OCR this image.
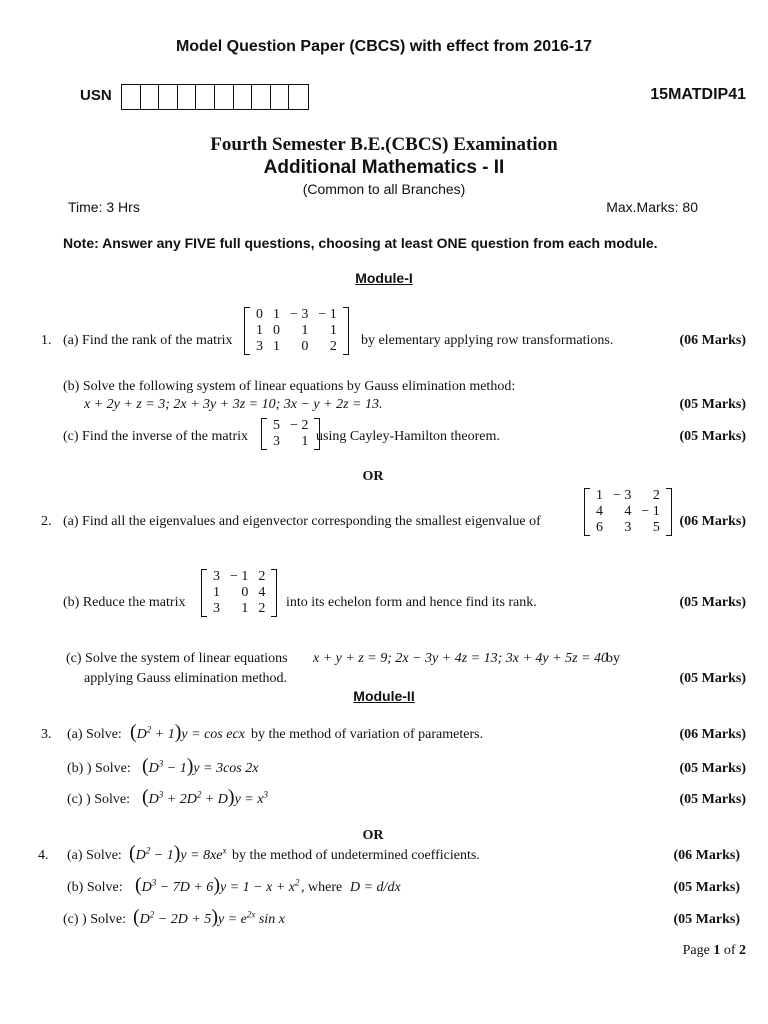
Model Question Paper (CBCS) with effect from 2016-17
USN	15MATDIP41
Fourth Semester B.E.(CBCS) Examination
Additional Mathematics - II
(Common to all Branches)
Time: 3 Hrs	Max.Marks: 80
Note: Answer any FIVE full questions, choosing at least ONE question from each module.
Module-I
1. (a) Find the rank of the matrix
0	1	− 3	− 1
1	0	1	1
3	1	0	2 by elementary applying row transformations.	(06 Marks)
(b) Solve the following system of linear equations by Gauss elimination method:
x + 2y + z = 3; 2x + 3y + 3z = 10; 3x − y + 2z = 13.	(05 Marks)
(c) Find the inverse of the matrix
5	− 2
3	1 using Cayley-Hamilton theorem.	(05 Marks)
OR
2. (a) Find all the eigenvalues and eigenvector corresponding the smallest eigenvalue of
1	− 3	2
4	4	− 1
6	3	5 (06 Marks)
(b) Reduce the matrix
3	− 1	2
1	0	4
3	1	2 into its echelon form and hence find its rank.	(05 Marks)
(c) Solve the system of linear equations x + y + z = 9; 2x − 3y + 4z = 13; 3x + 4y + 5z = 40
by
applying Gauss elimination method.	(05 Marks)
Module-II
3. (a) Solve: $(D^2 + 1)y = \cos$ ecx by the method of variation of parameters.	(06 Marks)
(b) ) Solve: $(D^3 - 1)y = 3\cos$ 2x	(05 Marks)
(c) ) Solve: $(D^3 + 2D^2 + D)y = x^3$	(05 Marks)
OR
4. (a) Solve: $(D^2 - 1)y = 8xe^x$ by the method of undetermined coefficients.	(06 Marks)
(b) Solve: $(D^3 - 7D + 6)y = 1 - x + x^2$ , where D = d/dx	(05 Marks)
(c) ) Solve: $(D^2 - 2D + 5)y = e^{2x}$ sin x	(05 Marks)
Page 1 of 2
